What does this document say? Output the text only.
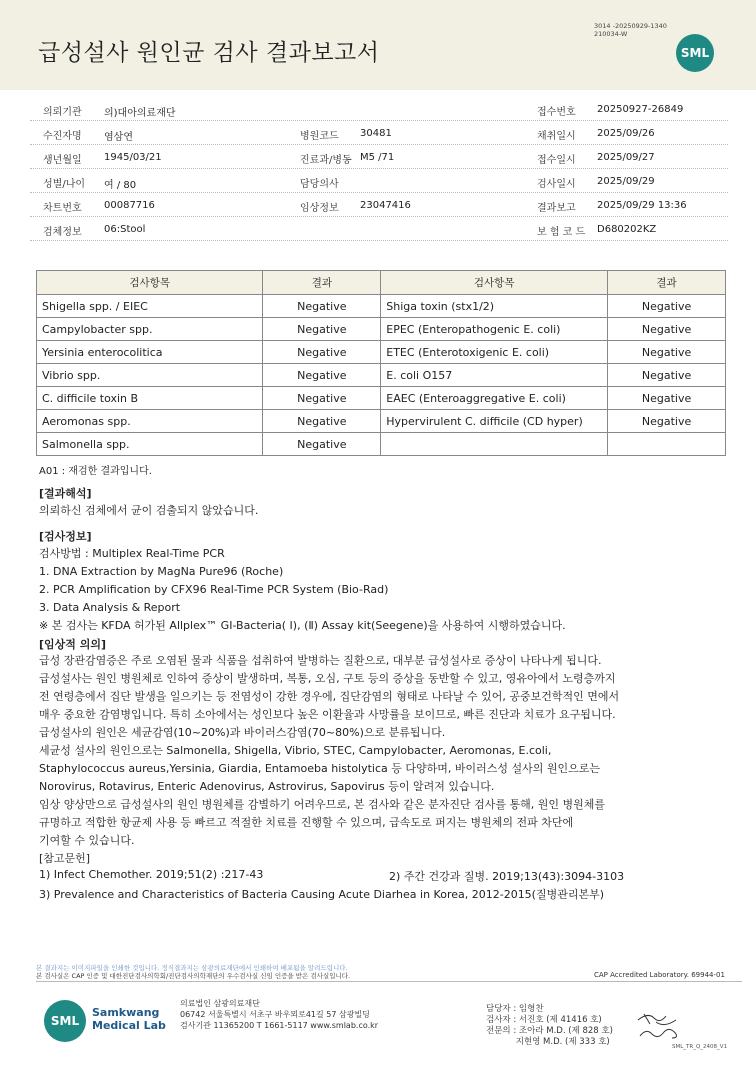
급성설사 원인균 검사 결과보고서
3014 -20250929-1340
210034-W
SML
의뢰기관 의)대아의료재단	접수번호 20250927-26849
수진자명 염삼연	병원코드 30481	채취일시 2025/09/26
생년월일 1945/03/21	진료과/병동 M5 /71	접수일시 2025/09/27
성별/나이 여 / 80	담당의사	검사일시 2025/09/29
차트번호 00087716	임상정보 23047416	결과보고 2025/09/29 13:36
검체정보 06:Stool	보 험 코 드 D680202KZ
검사항목	결과	검사항목	결과
Shigella spp. / EIEC	Negative	Shiga toxin (stx1/2)	Negative
Campylobacter spp.	Negative	EPEC (Enteropathogenic E. coli)	Negative
Yersinia enterocolitica	Negative	ETEC (Enterotoxigenic E. coli)	Negative
Vibrio spp.	Negative	E. coli O157	Negative
C. difficile toxin B	Negative	EAEC (Enteroaggregative E. coli)	Negative
Aeromonas spp.	Negative	Hypervirulent C. difficile (CD hyper)	Negative
Salmonella spp.	Negative		
A01 : 재검한 결과입니다.
[결과해석]
의뢰하신 검체에서 균이 검출되지 않았습니다.
[검사정보]
검사방법 : Multiplex Real-Time PCR
1. DNA Extraction by MagNa Pure96 (Roche)
2. PCR Amplification by CFX96 Real-Time PCR System (Bio-Rad)
3. Data Analysis & Report
※ 본 검사는 KFDA 허가된 Allplex™ GI-Bacteria( Ⅰ), (Ⅱ) Assay kit(Seegene)을 사용하여 시행하였습니다.
[임상적 의의]
급성 장관감염증은 주로 오염된 물과 식품을 섭취하여 발병하는 질환으로, 대부분 급성설사로 증상이 나타나게 됩니다.
급성설사는 원인 병원체로 인하여 증상이 발생하며, 복통, 오심, 구토 등의 증상을 동반할 수 있고, 영유아에서 노령층까지
전 연령층에서 집단 발생을 일으키는 등 전염성이 강한 경우에, 집단감염의 형태로 나타날 수 있어, 공중보건학적인 면에서
매우 중요한 감염병입니다. 특히 소아에서는 성인보다 높은 이환율과 사망률을 보이므로, 빠른 진단과 치료가 요구됩니다.
급성설사의 원인은 세균감염(10~20%)과 바이러스감염(70~80%)으로 분류됩니다.
세균성 설사의 원인으로는 Salmonella, Shigella, Vibrio, STEC, Campylobacter, Aeromonas, E.coli,
Staphylococcus aureus,Yersinia, Giardia, Entamoeba histolytica 등 다양하며, 바이러스성 설사의 원인으로는
Norovirus, Rotavirus, Enteric Adenovirus, Astrovirus, Sapovirus 등이 알려져 있습니다.
임상 양상만으로 급성설사의 원인 병원체를 감별하기 어려우므로, 본 검사와 같은 분자진단 검사를 통해, 원인 병원체를
규명하고 적합한 항균제 사용 등 빠르고 적절한 치료를 진행할 수 있으며, 급속도로 퍼지는 병원체의 전파 차단에
기여할 수 있습니다.
[참고문헌]
1) Infect Chemother. 2019;51(2) :217-43	2) 주간 건강과 질병. 2019;13(43):3094-3103
3) Prevalence and Characteristics of Bacteria Causing Acute Diarhea in Korea, 2012-2015(질병관리본부)
본 결과지는 이미지파일을 인쇄한 것입니다. 정식결과지는 삼광의료재단에서 인쇄하여 배포됨을 알려드립니다.
본 검사실은 CAP 인증 및 대한진단검사의학회/진단검사의학재단의 우수검사실 신임 인증을 받은 검사실입니다.	CAP Accredited Laboratory. 69944-01
SML
Samkwang
Medical Lab
의료법인 삼광의료재단
06742 서울특별시 서초구 바우뫼로41길 57 삼광빌딩
검사기관 11365200 T 1661-5117 www.smlab.co.kr
담당자 : 임형찬
검사자 : 서진호 (제 41416 호)
전문의 : 조아라 M.D. (제 828 호)
지현영 M.D. (제 333 호)	SML_TR_Q_2408_V1
